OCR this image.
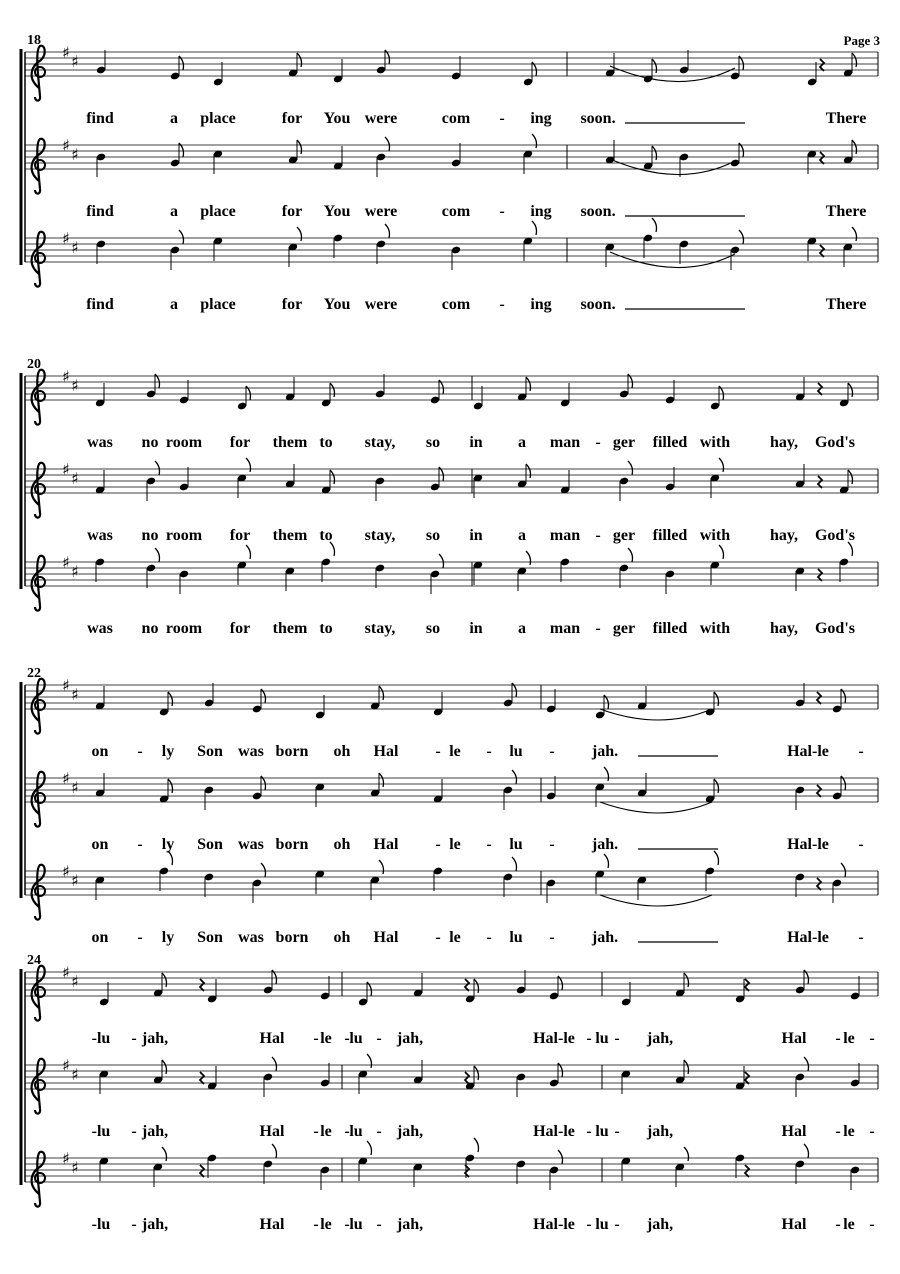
Page 3
18
♯ ♯
find	a place	for You were	com - ing soon.	There
♯ ♯
find	a place	for You were	com - ing soon.	There
♯ ♯
find	a place	for You were	com - ing soon.	There
20
♯ ♯
was no room for them to stay, so in a man - ger filled with hay, God's
♯ ♯
was no room for them to stay, so in a man - ger filled with hay, God's
♯ ♯
was no room for them to stay, so in a man - ger filled with hay, God's
22
♯ ♯
on - ly Son was born oh Hal - le - lu - jah.	Hal-le -
♯ ♯
on - ly Son was born oh Hal - le - lu - jah.	Hal-le -
♯ ♯
on - ly Son was born oh Hal - le - lu - jah.	Hal-le -
24
♯ ♯
-lu - jah,	Hal - le - lu - jah,	Hal-le - lu - jah,	Hal - le -
♯ ♯
-lu - jah,	Hal - le - lu - jah,	Hal-le - lu - jah,	Hal - le -
♯ ♯
-lu - jah,	Hal - le - lu - jah,	Hal-le - lu - jah,	Hal - le -
